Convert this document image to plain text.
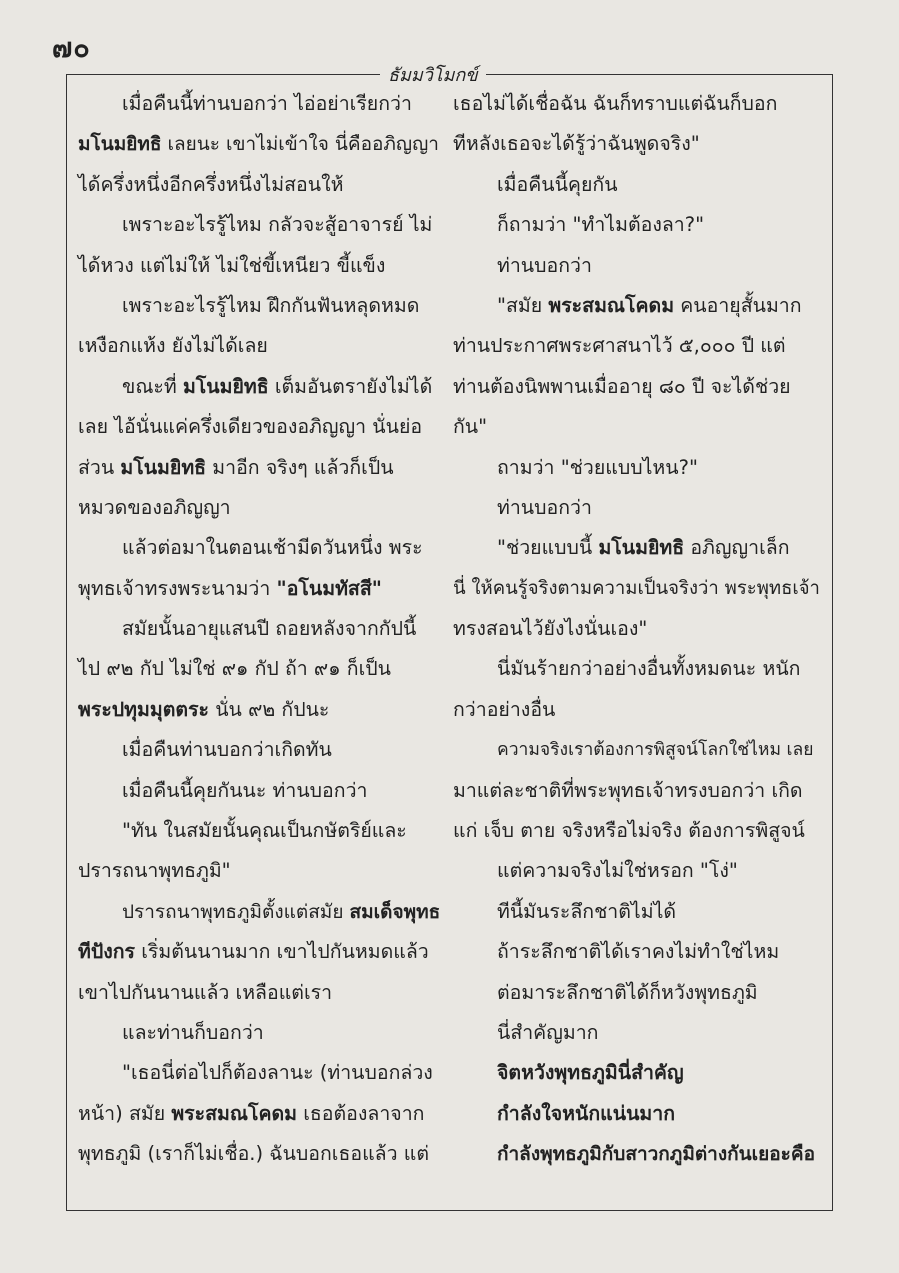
๗๐
ธัมมวิโมกข์
เมื่อคืนนี้ท่านบอกว่า ไอ่อย่าเรียกว่า
มโนมยิทธิ เลยนะ เขาไม่เข้าใจ นี่คืออภิญญา
ได้ครึ่งหนึ่งอีกครึ่งหนึ่งไม่สอนให้
เพราะอะไรรู้ไหม กลัวจะสู้อาจารย์ ไม่
ได้หวง แต่ไม่ให้ ไม่ใช่ขี้เหนียว ขี้แข็ง
เพราะอะไรรู้ไหม ฝึกกันฟันหลุดหมด
เหงือกแห้ง ยังไม่ได้เลย
ขณะที่ มโนมยิทธิ เต็มอันตรายังไม่ได้
เลย ไอ้นั่นแค่ครึ่งเดียวของอภิญญา นั่นย่อ
ส่วน มโนมยิทธิ มาอีก จริงๆ แล้วก็เป็น
หมวดของอภิญญา
แล้วต่อมาในตอนเช้ามีดวันหนึ่ง พระ
พุทธเจ้าทรงพระนามว่า "อโนมทัสสี"
สมัยนั้นอายุแสนปี ถอยหลังจากกัปนี้
ไป ๙๒ กัป ไม่ใช่ ๙๑ กัป ถ้า ๙๑ ก็เป็น
พระปทุมมุตตระ นั่น ๙๒ กัปนะ
เมื่อคืนท่านบอกว่าเกิดทัน
เมื่อคืนนี้คุยกันนะ ท่านบอกว่า
"ทัน ในสมัยนั้นคุณเป็นกษัตริย์และ
ปรารถนาพุทธภูมิ"
ปรารถนาพุทธภูมิตั้งแต่สมัย สมเด็จพุทธ
ทีปังกร เริ่มต้นนานมาก เขาไปกันหมดแล้ว
เขาไปกันนานแล้ว เหลือแต่เรา
และท่านก็บอกว่า
"เธอนี่ต่อไปก็ต้องลานะ (ท่านบอกล่วง
หน้า) สมัย พระสมณโคดม เธอต้องลาจาก
พุทธภูมิ (เราก็ไม่เชื่อ.) ฉันบอกเธอแล้ว แต่
เธอไม่ได้เชื่อฉัน ฉันก็ทราบแต่ฉันก็บอก
ทีหลังเธอจะได้รู้ว่าฉันพูดจริง"
เมื่อคืนนี้คุยกัน
ก็ถามว่า "ทำไมต้องลา?"
ท่านบอกว่า
"สมัย พระสมณโคดม คนอายุสั้นมาก
ท่านประกาศพระศาสนาไว้ ๕,๐๐๐ ปี แต่
ท่านต้องนิพพานเมื่ออายุ ๘๐ ปี จะได้ช่วย
กัน"
ถามว่า "ช่วยแบบไหน?"
ท่านบอกว่า
"ช่วยแบบนี้ มโนมยิทธิ อภิญญาเล็ก
นี่ ให้คนรู้จริงตามความเป็นจริงว่า พระพุทธเจ้า
ทรงสอนไว้ยังไงนั่นเอง"
นี่มันร้ายกว่าอย่างอื่นทั้งหมดนะ หนัก
กว่าอย่างอื่น
ความจริงเราต้องการพิสูจน์โลกใช่ไหม เลย
มาแต่ละชาติที่พระพุทธเจ้าทรงบอกว่า เกิด
แก่ เจ็บ ตาย จริงหรือไม่จริง ต้องการพิสูจน์
แต่ความจริงไม่ใช่หรอก "โง่"
ทีนี้มันระลึกชาติไม่ได้
ถ้าระลึกชาติได้เราคงไม่ทำใช่ไหม
ต่อมาระลึกชาติได้ก็หวังพุทธภูมิ
นี่สำคัญมาก
จิตหวังพุทธภูมินี่สำคัญ
กำลังใจหนักแน่นมาก
กำลังพุทธภูมิกับสาวกภูมิต่างกันเยอะคือ
